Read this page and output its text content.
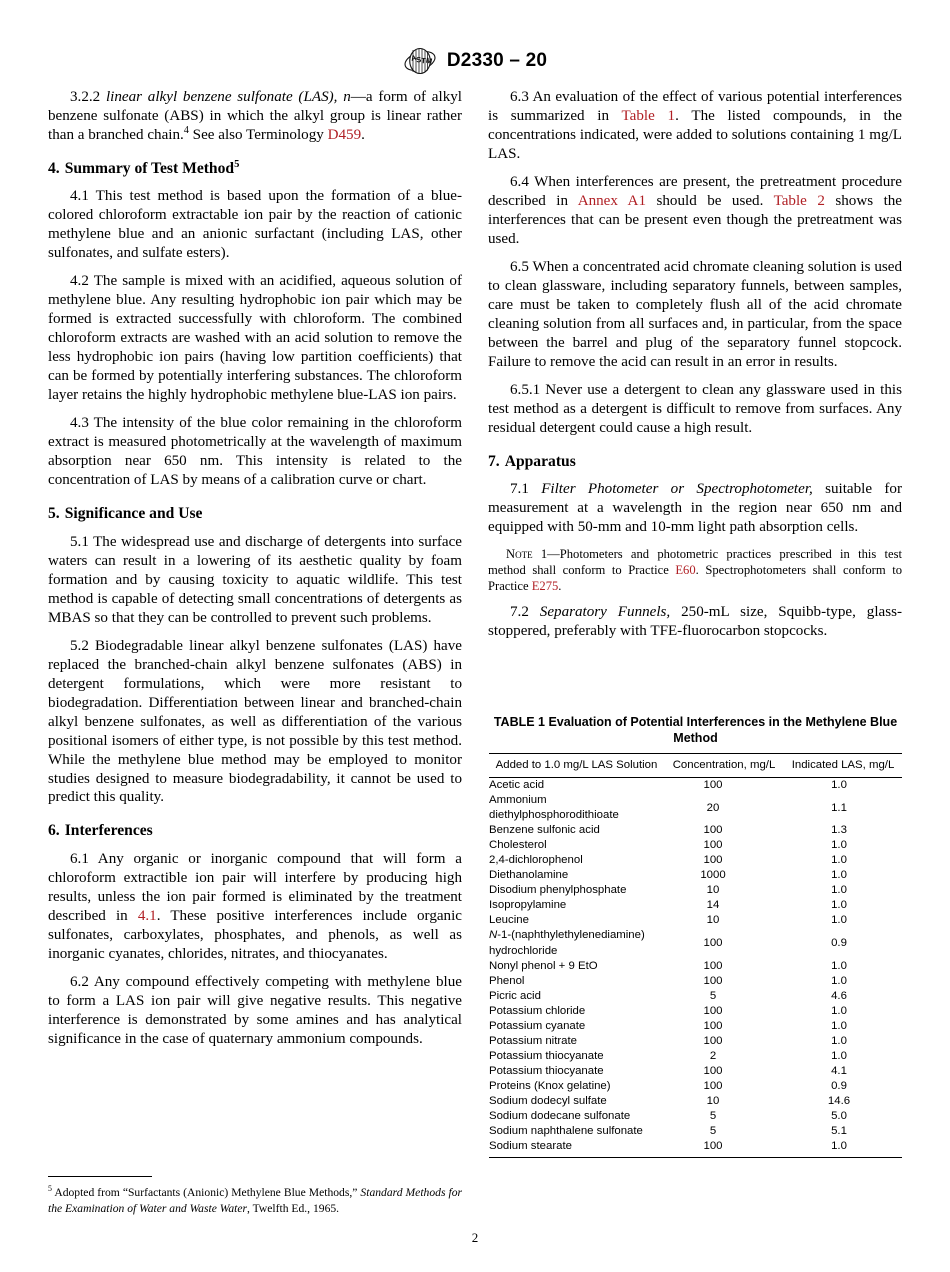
A
S T M D2330 – 20

3.2.2 linear alkyl benzene sulfonate (LAS), n—a form of alkyl benzene sulfonate (ABS) in which the alkyl group is linear rather than a branched chain.$^4$ See also Terminology D459.

4. Summary of Test Method$^5$

4.1 This test method is based upon the formation of a blue-colored chloroform extractable ion pair by the reaction of cationic methylene blue and an anionic surfactant (including LAS, other sulfonates, and sulfate esters).

4.2 The sample is mixed with an acidified, aqueous solution of methylene blue. Any resulting hydrophobic ion pair which may be formed is extracted successfully with chloroform. The combined chloroform extracts are washed with an acid solution to remove the less hydrophobic ion pairs (having low partition coefficients) that can be formed by potentially interfering substances. The chloroform layer retains the highly hydrophobic methylene blue-LAS ion pairs.

4.3 The intensity of the blue color remaining in the chloroform extract is measured photometrically at the wavelength of maximum absorption near 650 nm. This intensity is related to the concentration of LAS by means of a calibration curve or chart.

5. Significance and Use

5.1 The widespread use and discharge of detergents into surface waters can result in a lowering of its aesthetic quality by foam formation and by causing toxicity to aquatic wildlife. This test method is capable of detecting small concentrations of detergents as MBAS so that they can be controlled to prevent such problems.

5.2 Biodegradable linear alkyl benzene sulfonates (LAS) have replaced the branched-chain alkyl benzene sulfonates (ABS) in detergent formulations, which were more resistant to biodegradation. Differentiation between linear and branched-chain alkyl benzene sulfonates, as well as differentiation of the various positional isomers of either type, is not possible by this test method. While the methylene blue method may be employed to monitor studies designed to measure biodegradability, it cannot be used to predict this quality.

6. Interferences

6.1 Any organic or inorganic compound that will form a chloroform extractible ion pair will interfere by producing high results, unless the ion pair formed is eliminated by the treatment described in 4.1. These positive interferences include organic sulfonates, carboxylates, phosphates, and phenols, as well as inorganic cyanates, chlorides, nitrates, and thiocyanates.

6.2 Any compound effectively competing with methylene blue to form a LAS ion pair will give negative results. This negative interference is demonstrated by some amines and has analytical significance in the case of quaternary ammonium compounds.

6.3 An evaluation of the effect of various potential interferences is summarized in Table 1. The listed compounds, in the concentrations indicated, were added to solutions containing 1 mg/L LAS.

6.4 When interferences are present, the pretreatment procedure described in Annex A1 should be used. Table 2 shows the interferences that can be present even though the pretreatment was used.

6.5 When a concentrated acid chromate cleaning solution is used to clean glassware, including separatory funnels, between samples, care must be taken to completely flush all of the acid chromate cleaning solution from all surfaces and, in particular, from the space between the barrel and plug of the separatory funnel stopcock. Failure to remove the acid can result in an error in results.

6.5.1 Never use a detergent to clean any glassware used in this test method as a detergent is difficult to remove from surfaces. Any residual detergent could cause a high result.

7. Apparatus

7.1 Filter Photometer or Spectrophotometer, suitable for measurement at a wavelength in the region near 650 nm and equipped with 50-mm and 10-mm light path absorption cells.

Note 1—Photometers and photometric practices prescribed in this test method shall conform to Practice E60. Spectrophotometers shall conform to Practice E275.

7.2 Separatory Funnels, 250-mL size, Squibb-type, glass-stoppered, preferably with TFE-fluorocarbon stopcocks.

$^5$ Adopted from “Surfactants (Anionic) Methylene Blue Methods,” Standard Methods for the Examination of Water and Waste Water, Twelfth Ed., 1965.

TABLE 1 Evaluation of Potential Interferences in the Methylene Blue Method
Added to 1.0 mg/L LAS Solution	Concentration, mg/L	Indicated LAS, mg/L
Acetic acid	100	1.0
Ammonium diethylphosphorodithioate	20	1.1
Benzene sulfonic acid	100	1.3
Cholesterol	100	1.0
2,4-dichlorophenol	100	1.0
Diethanolamine	1000	1.0
Disodium phenylphosphate	10	1.0
Isopropylamine	14	1.0
Leucine	10	1.0
N-1-(naphthylethylenediamine) hydrochloride	100	0.9
Nonyl phenol + 9 EtO	100	1.0
Phenol	100	1.0
Picric acid	5	4.6
Potassium chloride	100	1.0
Potassium cyanate	100	1.0
Potassium nitrate	100	1.0
Potassium thiocyanate	2	1.0
Potassium thiocyanate	100	4.1
Proteins (Knox gelatine)	100	0.9
Sodium dodecyl sulfate	10	14.6
Sodium dodecane sulfonate	5	5.0
Sodium naphthalene sulfonate	5	5.1
Sodium stearate	100	1.0
2
